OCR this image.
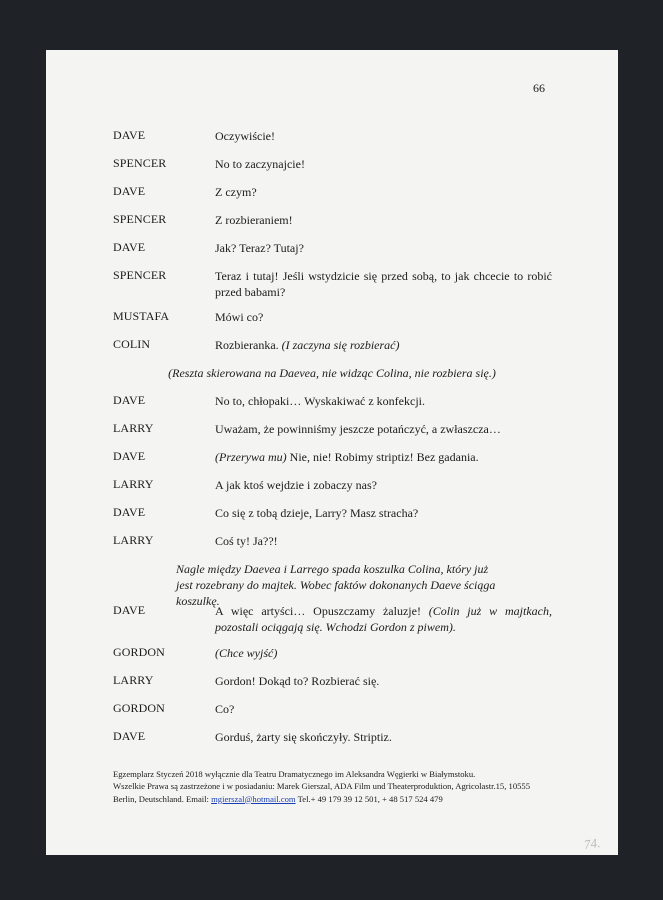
66
DAVE	Oczywiście!
SPENCER	No to zaczynajcie!
DAVE	Z czym?
SPENCER	Z rozbieraniem!
DAVE	Jak? Teraz? Tutaj?
SPENCER	Teraz i tutaj! Jeśli wstydzicie się przed sobą, to jak chcecie to robić przed babami?
MUSTAFA	Mówi co?
COLIN	Rozbieranka. (I zaczyna się rozbierać)
(Reszta skierowana na Daevea, nie widząc Colina, nie rozbiera się.)
DAVE	No to, chłopaki… Wyskakiwać z konfekcji.
LARRY	Uważam, że powinniśmy jeszcze potańczyć, a zwłaszcza…
DAVE	(Przerywa mu) Nie, nie! Robimy striptiz! Bez gadania.
LARRY	A jak ktoś wejdzie i zobaczy nas?
DAVE	Co się z tobą dzieje, Larry? Masz stracha?
LARRY	Coś ty! Ja??!
Nagle między Daevea i Larrego spada koszulka Colina, który już jest rozebrany do majtek. Wobec faktów dokonanych Daeve ściąga koszulkę.
DAVE	A więc artyści… Opuszczamy żaluzje! (Colin już w majtkach, pozostali ociągają się. Wchodzi Gordon z piwem).
GORDON	(Chce wyjść)
LARRY	Gordon! Dokąd to? Rozbierać się.
GORDON	Co?
DAVE	Gorduś, żarty się skończyły. Striptiz.
Egzemplarz Styczeń 2018 wyłącznie dla Teatru Dramatycznego im Aleksandra Węgierki w Białymstoku.
Wszelkie Prawa są zastrzeżone i w posiadaniu: Marek Gierszal, ADA Film und Theaterproduktion, Agricolastr.15, 10555
Berlin, Deutschland. Email: mgierszal@hotmail.com Tel.+ 49 179 39 12 501, + 48 517 524 479
74.
